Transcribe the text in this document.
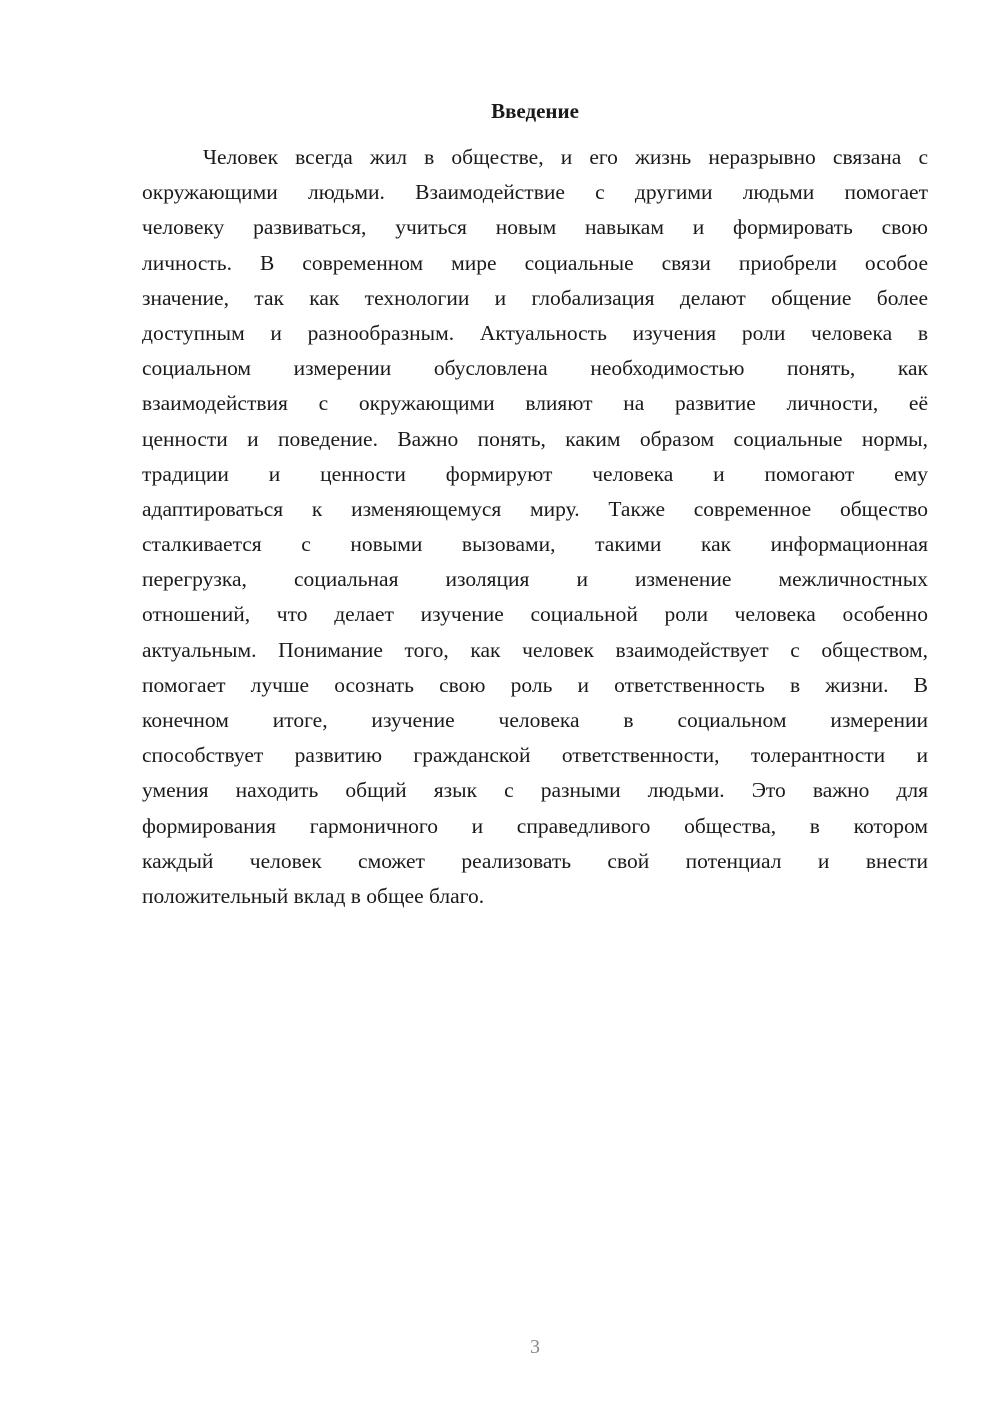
Введение
Человек всегда жил в обществе, и его жизнь неразрывно связана с
окружающими людьми. Взаимодействие с другими людьми помогает
человеку развиваться, учиться новым навыкам и формировать свою
личность. В современном мире социальные связи приобрели особое
значение, так как технологии и глобализация делают общение более
доступным и разнообразным. Актуальность изучения роли человека в
социальном измерении обусловлена необходимостью понять, как
взаимодействия с окружающими влияют на развитие личности, её
ценности и поведение. Важно понять, каким образом социальные нормы,
традиции и ценности формируют человека и помогают ему
адаптироваться к изменяющемуся миру. Также современное общество
сталкивается с новыми вызовами, такими как информационная
перегрузка, социальная изоляция и изменение межличностных
отношений, что делает изучение социальной роли человека особенно
актуальным. Понимание того, как человек взаимодействует с обществом,
помогает лучше осознать свою роль и ответственность в жизни. В
конечном итоге, изучение человека в социальном измерении
способствует развитию гражданской ответственности, толерантности и
умения находить общий язык с разными людьми. Это важно для
формирования гармоничного и справедливого общества, в котором
каждый человек сможет реализовать свой потенциал и внести
положительный вклад в общее благо.
3
